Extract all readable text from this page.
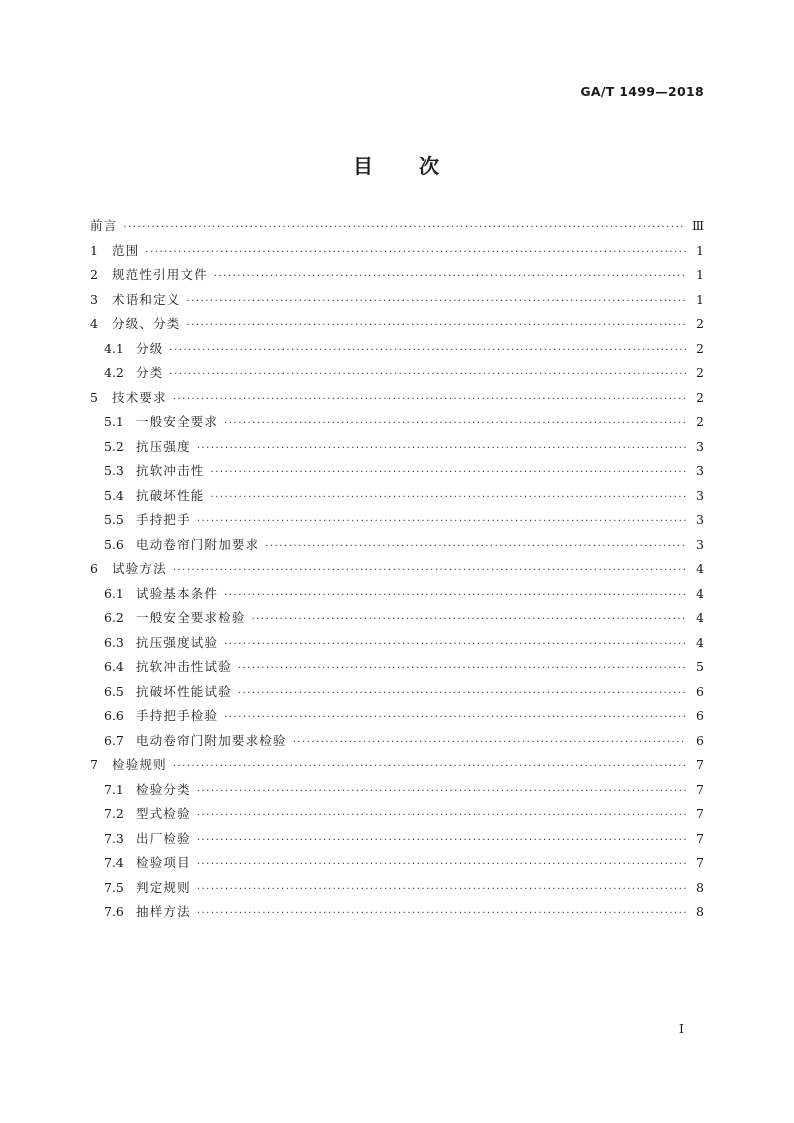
GA/T 1499—2018
目　　次
前言 ·····	Ⅲ
1	范围 ·····	1
2	规范性引用文件 ·····	1
3	术语和定义 ·····	1
4	分级、分类 ·····	2
4.1 分级 ·····	2
4.2 分类 ·····	2
5	技术要求 ·····	2
5.1 一般安全要求 ·····	2
5.2 抗压强度 ·····	3
5.3 抗软冲击性 ·····	3
5.4 抗破坏性能 ·····	3
5.5 手持把手 ·····	3
5.6 电动卷帘门附加要求 ·····	3
6	试验方法 ·····	4
6.1 试验基本条件 ·····	4
6.2 一般安全要求检验 ·····	4
6.3 抗压强度试验 ·····	4
6.4 抗软冲击性试验 ·····	5
6.5 抗破坏性能试验 ·····	6
6.6 手持把手检验 ·····	6
6.7 电动卷帘门附加要求检验 ·····	6
7	检验规则 ·····	7
7.1 检验分类 ·····	7
7.2 型式检验 ·····	7
7.3 出厂检验 ·····	7
7.4 检验项目 ·····	7
7.5 判定规则 ·····	8
7.6 抽样方法 ·····	8
I
